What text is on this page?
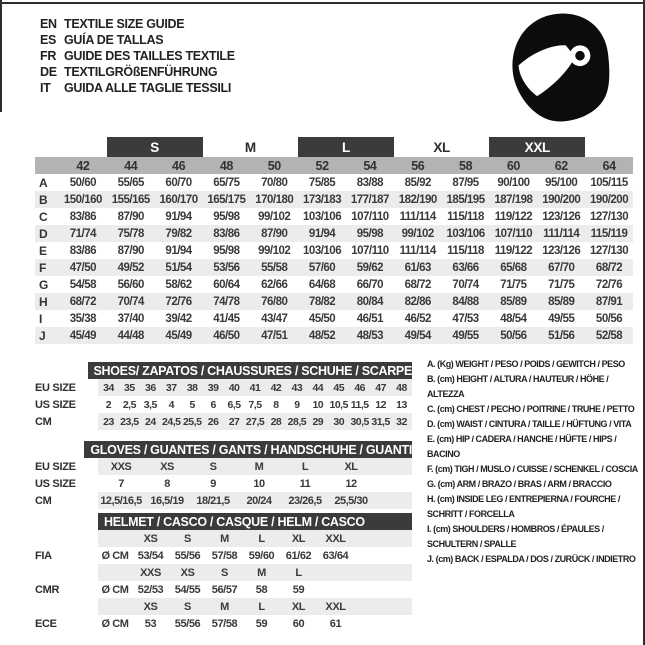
EN TEXTILE SIZE GUIDE
ES GUÍA DE TALLAS
FR GUIDE DES TAILLES TEXTILE
DE TEXTILGRÖßENFÜHRUNG
IT	GUIDA ALLE TAGLIE TESSILI
S	M	L	XL	XXL
42	44	46	48	50	52	54	56	58	60	62	64
A	50/60	55/65	60/70	65/75	70/80	75/85	83/88	85/92	87/95	90/100	95/100	105/115
B	150/160 155/165 160/170 165/175 170/180 173/183 177/187 182/190 185/195 187/198 190/200 190/200
C	83/86	87/90	91/94	95/98	99/102	103/106 107/110 111/114 115/118 119/122 123/126 127/130
D	71/74	75/78	79/82	83/86	87/90	91/94	95/98	99/102	103/106 107/110 111/114 115/119
E	83/86	87/90	91/94	95/98	99/102	103/106 107/110 111/114 115/118 119/122 123/126 127/130
F	47/50	49/52	51/54	53/56	55/58	57/60	59/62	61/63	63/66	65/68	67/70	68/72
G	54/58	56/60	58/62	60/64	62/66	64/68	66/70	68/72	70/74	71/75	71/75	72/76
H	68/72	70/74	72/76	74/78	76/80	78/82	80/84	82/86	84/88	85/89	85/89	87/91
I	35/38	37/40	39/42	41/45	43/47	45/50	46/51	46/52	47/53	48/54	49/55	50/56
J	45/49	44/48	45/49	46/50	47/51	48/52	48/53	49/54	49/55	50/56	51/56	52/58
SHOES/ ZAPATOS / CHAUSSURES / SCHUHE / SCARPE
EU SIZE	34 35 36 37 38 39 40 41 42 43 44 45 46 47 48
US SIZE	2	2,5 3,5	4	5	6	6,5 7,5	8	9	10 10,5 11,5 12 13
CM	23 23,5 24 24,5 25,5 26 27 27,5 28 28,5 29 30 30,5 31,5 32
GLOVES / GUANTES / GANTS / HANDSCHUHE / GUANTI
EU SIZE	XXS	XS	S	M	L	XL
US SIZE	7	8	9	10	11	12
CM	12,5/16,5 16,5/19	18/21,5	20/24	23/26,5	25,5/30
HELMET / CASCO / CASQUE / HELM / CASCO
XS	S	M	L	XL	XXL
FIA	Ø CM 53/54	55/56	57/58	59/60	61/62	63/64
XXS	XS	S	M	L
CMR	Ø CM 52/53	54/55	56/57	58	59
XS	S	M	L	XL	XXL
ECE	Ø CM	53	55/56	57/58	59	60	61
A. (Kg) WEIGHT / PESO / POIDS / GEWITCH / PESO
B. (cm) HEIGHT / ALTURA / HAUTEUR / HÖHE / ALTEZZA
C. (cm) CHEST / PECHO / POITRINE / TRUHE / PETTO
D. (cm) WAIST / CINTURA / TAILLE / HÜFTUNG / VITA
E. (cm) HIP / CADERA / HANCHE / HÜFTE / HIPS / BACINO
F. (cm) TIGH / MUSLO / CUISSE / SCHENKEL / COSCIA
G. (cm) ARM / BRAZO / BRAS / ARM / BRACCIO
H. (cm) INSIDE LEG / ENTREPIERNA / FOURCHE / SCHRITT / FORCELLA
I. (cm) SHOULDERS / HOMBROS / ÉPAULES / SCHULTERN / SPALLE
J. (cm) BACK / ESPALDA / DOS / ZURÜCK / INDIETRO
